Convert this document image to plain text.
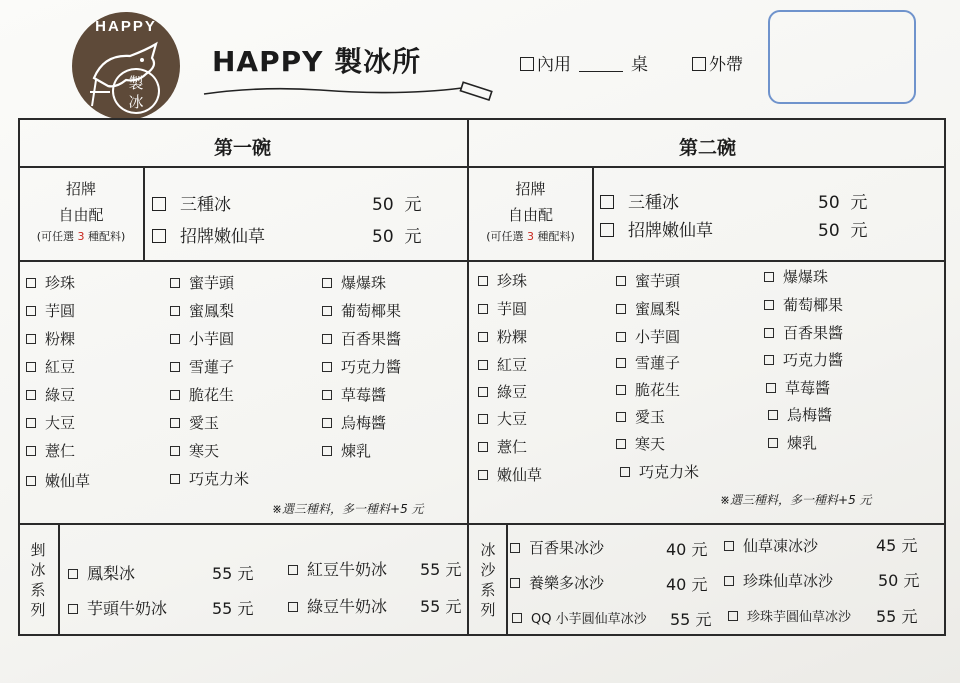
HAPPY
製
冰
HAPPY 製冰所	內用	桌	外帶
第一碗	第二碗
招牌
自由配
(可任選 3 種配料)
三種冰	50 元
招牌嫩仙草	50 元
招牌
自由配
(可任選 3 種配料)
三種冰	50 元
招牌嫩仙草	50 元
珍珠
芋圓
粉粿
紅豆
綠豆
大豆
薏仁
嫩仙草
蜜芋頭
蜜鳳梨
小芋圓
雪蓮子
脆花生
愛玉
寒天
巧克力米
爆爆珠
葡萄椰果
百香果醬
巧克力醬
草莓醬
烏梅醬
煉乳
※選三種料，多一種料+5 元
珍珠
芋圓
粉粿
紅豆
綠豆
大豆
薏仁
嫩仙草
蜜芋頭
蜜鳳梨
小芋圓
雪蓮子
脆花生
愛玉
寒天
巧克力米
爆爆珠
葡萄椰果
百香果醬
巧克力醬
草莓醬
烏梅醬
煉乳
※選三種料，多一種料+5 元
剉
冰
系
列
鳳梨冰	55 元	紅豆牛奶冰 55 元
芋頭牛奶冰	55 元	綠豆牛奶冰 55 元
冰
沙
系
列
百香果冰沙	40 元	仙草凍冰沙	45 元
養樂多冰沙	40 元	珍珠仙草冰沙	50 元
QQ 小芋圓仙草冰沙 55 元	珍珠芋圓仙草冰沙 55 元
